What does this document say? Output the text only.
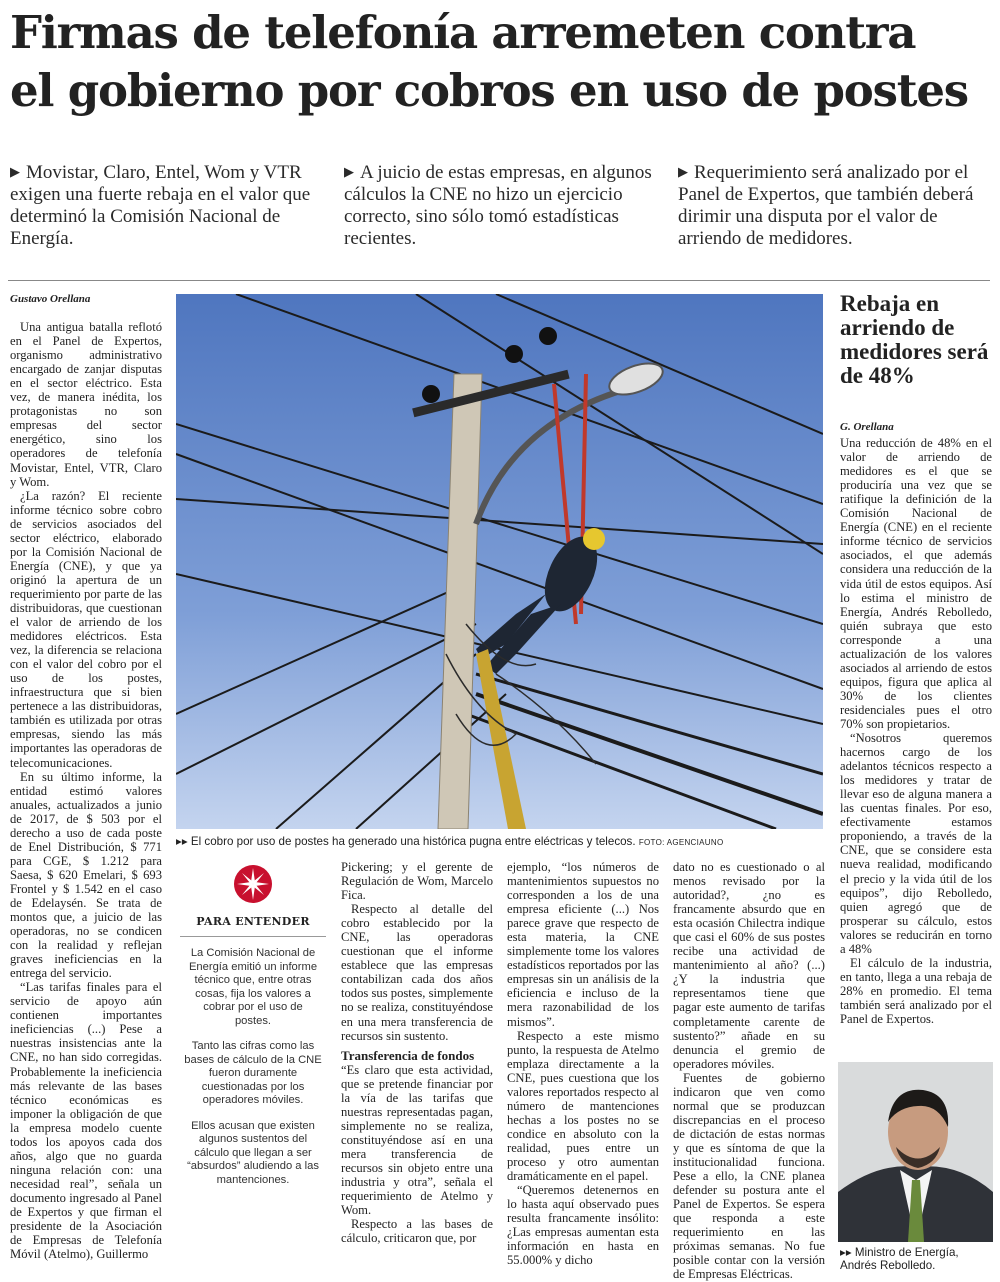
Firmas de telefonía arremeten contra
el gobierno por cobros en uso de postes
▶ Movistar, Claro, Entel, Wom y VTR exigen una fuerte rebaja en el valor que determinó la Comisión Nacional de Energía.
▶ A juicio de estas empresas, en algunos cálculos la CNE no hizo un ejercicio correcto, sino sólo tomó estadísticas recientes.
▶ Requerimiento será analizado por el Panel de Expertos, que también deberá dirimir una disputa por el valor de arriendo de medidores.
Gustavo Orellana

Una antigua batalla reflotó en el Panel de Expertos, organismo administrativo encargado de zanjar disputas en el sector eléctrico. Esta vez, de manera inédita, los protagonistas no son empresas del sector energético, sino los operadores de telefonía Movistar, Entel, VTR, Claro y Wom.

¿La razón? El reciente informe técnico sobre cobro de servicios asociados del sector eléctrico, elaborado por la Comisión Nacional de Energía (CNE), y que ya originó la apertura de un requerimiento por parte de las distribuidoras, que cuestionan el valor de arriendo de los medidores eléctricos. Esta vez, la diferencia se relaciona con el valor del cobro por el uso de los postes, infraestructura que si bien pertenece a las distribuidoras, también es utilizada por otras empresas, siendo las más importantes las operadoras de telecomunicaciones.

En su último informe, la entidad estimó valores anuales, actualizados a junio de 2017, de $ 503 por el derecho a uso de cada poste de Enel Distribución, $ 771 para CGE, $ 1.212 para Saesa, $ 620 Emelari, $ 693 Frontel y $ 1.542 en el caso de Edelaysén. Se trata de montos que, a juicio de las operadoras, no se condicen con la realidad y reflejan graves ineficiencias en la entrega del servicio.

“Las tarifas finales para el servicio de apoyo aún contienen importantes ineficiencias (...) Pese a nuestras insistencias ante la CNE, no han sido corregidas. Probablemente la ineficiencia más relevante de las bases técnico económicas es imponer la obligación de que la empresa modelo cuente todos los apoyos cada dos años, algo que no guarda ninguna relación con: una necesidad real”, señala un documento ingresado al Panel de Expertos y que firman el presidente de la Asociación de Empresas de Telefonía Móvil (Atelmo), Guillermo

▸▸ El cobro por uso de postes ha generado una histórica pugna entre eléctricas y telecos. FOTO: AGENCIAUNO
PARA ENTENDER

La Comisión Nacional de Energía emitió un informe técnico que, entre otras cosas, fija los valores a cobrar por el uso de postes.

Tanto las cifras como las bases de cálculo de la CNE fueron duramente cuestionadas por los operadores móviles.

Ellos acusan que existen algunos sustentos del cálculo que llegan a ser “absurdos” aludiendo a las mantenciones.

Pickering; y el gerente de Regulación de Wom, Marcelo Fica.

Respecto al detalle del cobro establecido por la CNE, las operadoras cuestionan que el informe establece que las empresas contabilizan cada dos años todos sus postes, simplemente no se realiza, constituyéndose en una mera transferencia de recursos sin sustento.

Transferencia de fondos

“Es claro que esta actividad, que se pretende financiar por la vía de las tarifas que nuestras representadas pagan, simplemente no se realiza, constituyéndose así en una mera transferencia de recursos sin objeto entre una industria y otra”, señala el requerimiento de Atelmo y Wom.

Respecto a las bases de cálculo, criticaron que, por

ejemplo, “los números de mantenimientos supuestos no corresponden a los de una empresa eficiente (...) Nos parece grave que respecto de esta materia, la CNE simplemente tome los valores estadísticos reportados por las empresas sin un análisis de la eficiencia e incluso de la mera razonabilidad de los mismos”.

Respecto a este mismo punto, la respuesta de Atelmo emplaza directamente a la CNE, pues cuestiona que los valores reportados respecto al número de mantenciones hechas a los postes no se condice en absoluto con la realidad, pues entre un proceso y otro aumentan dramáticamente en el papel.

“Queremos detenernos en lo hasta aquí observado pues resulta francamente insólito: ¿Las empresas aumentan esta información en hasta en 55.000% y dicho

dato no es cuestionado o al menos revisado por la autoridad?, ¿no es francamente absurdo que en esta ocasión Chilectra indique que casi el 60% de sus postes recibe una actividad de mantenimiento al año? (...) ¿Y la industria que representamos tiene que pagar este aumento de tarifas completamente carente de sustento?” añade en su denuncia el gremio de operadores móviles.

Fuentes de gobierno indicaron que ven como normal que se produzcan discrepancias en el proceso de dictación de estas normas y que es síntoma de que la institucionalidad funciona. Pese a ello, la CNE planea defender su postura ante el Panel de Expertos. Se espera que responda a este requerimiento en las próximas semanas. No fue posible contar con la versión de Empresas Eléctricas.

Rebaja en arriendo de medidores será de 48%
G. Orellana

Una reducción de 48% en el valor de arriendo de medidores es el que se produciría una vez que se ratifique la definición de la Comisión Nacional de Energía (CNE) en el reciente informe técnico de servicios asociados, el que además considera una reducción de la vida útil de estos equipos. Así lo estima el ministro de Energía, Andrés Rebolledo, quién subraya que esto corresponde a una actualización de los valores asociados al arriendo de estos equipos, figura que aplica al 30% de los clientes residenciales pues el otro 70% son propietarios.

“Nosotros queremos hacernos cargo de los adelantos técnicos respecto a los medidores y tratar de llevar eso de alguna manera a las cuentas finales. Por eso, efectivamente estamos proponiendo, a través de la CNE, que se considere esta nueva realidad, modificando el precio y la vida útil de los equipos”, dijo Rebolledo, quien agregó que de prosperar su cálculo, estos valores se reducirán en torno a 48%

El cálculo de la industria, en tanto, llega a una rebaja de 28% en promedio. El tema también será analizado por el Panel de Expertos.

▸▸ Ministro de Energía, Andrés Rebolledo.
